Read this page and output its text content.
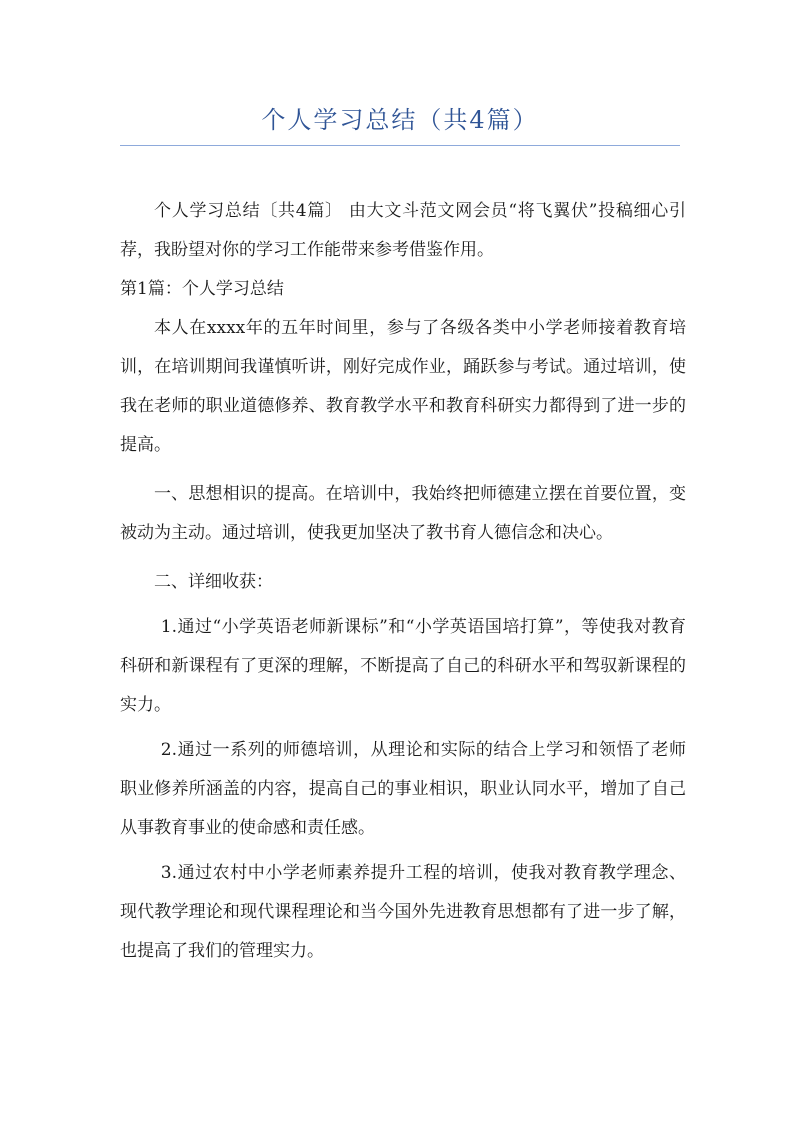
个人学习总结（共4篇）

个人学习总结〔共4篇〕 由大文斗范文网会员“将飞翼伏”投稿细心引荐，我盼望对你的学习工作能带来参考借鉴作用。

第1篇：个人学习总结

本人在xxxx年的五年时间里，参与了各级各类中小学老师接着教育培训，在培训期间我谨慎听讲，刚好完成作业，踊跃参与考试。通过培训，使我在老师的职业道德修养、教育教学水平和教育科研实力都得到了进一步的提高。

一、思想相识的提高。在培训中，我始终把师德建立摆在首要位置，变被动为主动。通过培训，使我更加坚决了教书育人德信念和决心。

二、详细收获：

1.通过“小学英语老师新课标”和“小学英语国培打算”，等使我对教育科研和新课程有了更深的理解，不断提高了自己的科研水平和驾驭新课程的实力。

2.通过一系列的师德培训，从理论和实际的结合上学习和领悟了老师职业修养所涵盖的内容，提高自己的事业相识，职业认同水平，增加了自己从事教育事业的使命感和责任感。

3.通过农村中小学老师素养提升工程的培训，使我对教育教学理念、现代教学理论和现代课程理论和当今国外先进教育思想都有了进一步了解，也提高了我们的管理实力。
